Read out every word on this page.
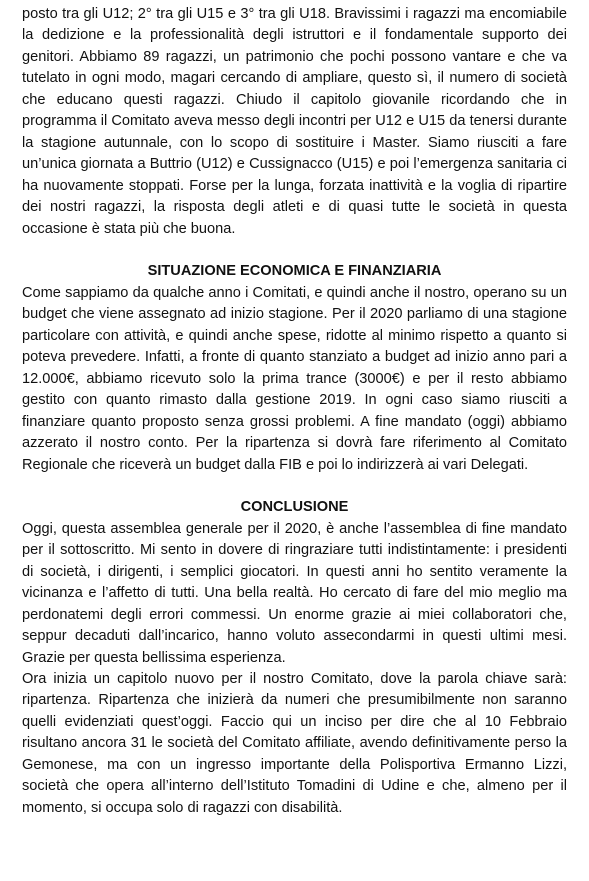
posto tra gli U12; 2° tra gli U15 e 3° tra gli U18. Bravissimi i ragazzi ma encomiabile la dedizione e la professionalità degli istruttori e il fondamentale supporto dei genitori. Abbiamo 89 ragazzi, un patrimonio che pochi possono vantare e che va tutelato in ogni modo, magari cercando di ampliare, questo sì, il numero di società che educano questi ragazzi. Chiudo il capitolo giovanile ricordando che in programma il Comitato aveva messo degli incontri per U12 e U15 da tenersi durante la stagione autunnale, con lo scopo di sostituire i Master. Siamo riusciti a fare un’unica giornata a Buttrio (U12) e Cussignacco (U15) e poi l’emergenza sanitaria ci ha nuovamente stoppati. Forse per la lunga, forzata inattività e la voglia di ripartire dei nostri ragazzi, la risposta degli atleti e di quasi tutte le società in questa occasione è stata più che buona.

SITUAZIONE ECONOMICA E FINANZIARIA

Come sappiamo da qualche anno i Comitati, e quindi anche il nostro, operano su un budget che viene assegnato ad inizio stagione. Per il 2020 parliamo di una stagione particolare con attività, e quindi anche spese, ridotte al minimo rispetto a quanto si poteva prevedere. Infatti, a fronte di quanto stanziato a budget ad inizio anno pari a 12.000€, abbiamo ricevuto solo la prima trance (3000€) e per il resto abbiamo gestito con quanto rimasto dalla gestione 2019. In ogni caso siamo riusciti a finanziare quanto proposto senza grossi problemi. A fine mandato (oggi) abbiamo azzerato il nostro conto. Per la ripartenza si dovrà fare riferimento al Comitato Regionale che riceverà un budget dalla FIB e poi lo indirizzerà ai vari Delegati.

CONCLUSIONE

Oggi, questa assemblea generale per il 2020, è anche l’assemblea di fine mandato per il sottoscritto. Mi sento in dovere di ringraziare tutti indistintamente: i presidenti di società, i dirigenti, i semplici giocatori. In questi anni ho sentito veramente la vicinanza e l’affetto di tutti. Una bella realtà. Ho cercato di fare del mio meglio ma perdonatemi degli errori commessi. Un enorme grazie ai miei collaboratori che, seppur decaduti dall’incarico, hanno voluto assecondarmi in questi ultimi mesi. Grazie per questa bellissima esperienza.

Ora inizia un capitolo nuovo per il nostro Comitato, dove la parola chiave sarà: ripartenza. Ripartenza che inizierà da numeri che presumibilmente non saranno quelli evidenziati quest’oggi. Faccio qui un inciso per dire che al 10 Febbraio risultano ancora 31 le società del Comitato affiliate, avendo definitivamente perso la Gemonese, ma con un ingresso importante della Polisportiva Ermanno Lizzi, società che opera all’interno dell’Istituto Tomadini di Udine e che, almeno per il momento, si occupa solo di ragazzi con disabilità.
